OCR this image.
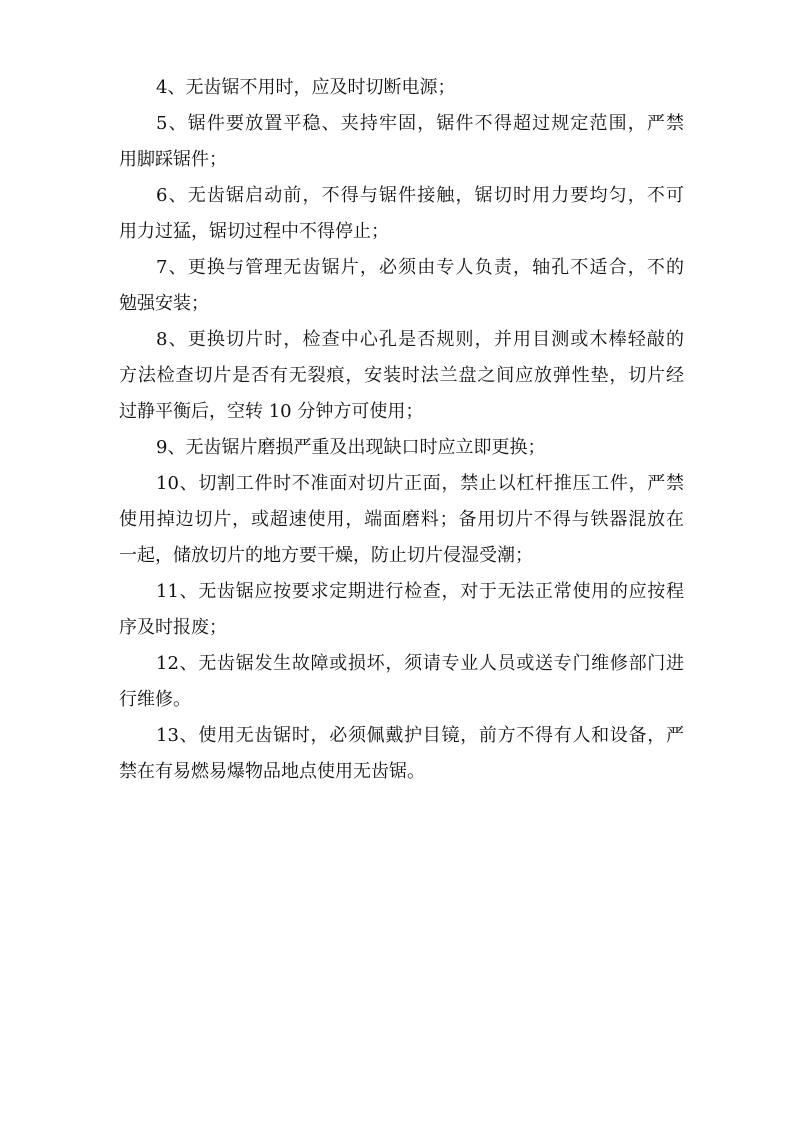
4、无齿锯不用时，应及时切断电源；
5、锯件要放置平稳、夹持牢固，锯件不得超过规定范围，严禁
用脚踩锯件；
6、无齿锯启动前，不得与锯件接触，锯切时用力要均匀，不可
用力过猛，锯切过程中不得停止；
7、更换与管理无齿锯片，必须由专人负责，轴孔不适合，不的
勉强安装；
8、更换切片时，检查中心孔是否规则，并用目测或木棒轻敲的
方法检查切片是否有无裂痕，安装时法兰盘之间应放弹性垫，切片经
过静平衡后，空转 10 分钟方可使用；
9、无齿锯片磨损严重及出现缺口时应立即更换；
10、切割工件时不准面对切片正面，禁止以杠杆推压工件，严禁
使用掉边切片，或超速使用，端面磨料；备用切片不得与铁器混放在
一起，储放切片的地方要干燥，防止切片侵湿受潮；
11、无齿锯应按要求定期进行检查，对于无法正常使用的应按程
序及时报废；
12、无齿锯发生故障或损坏，须请专业人员或送专门维修部门进
行维修。
13、使用无齿锯时，必须佩戴护目镜，前方不得有人和设备，严
禁在有易燃易爆物品地点使用无齿锯。
